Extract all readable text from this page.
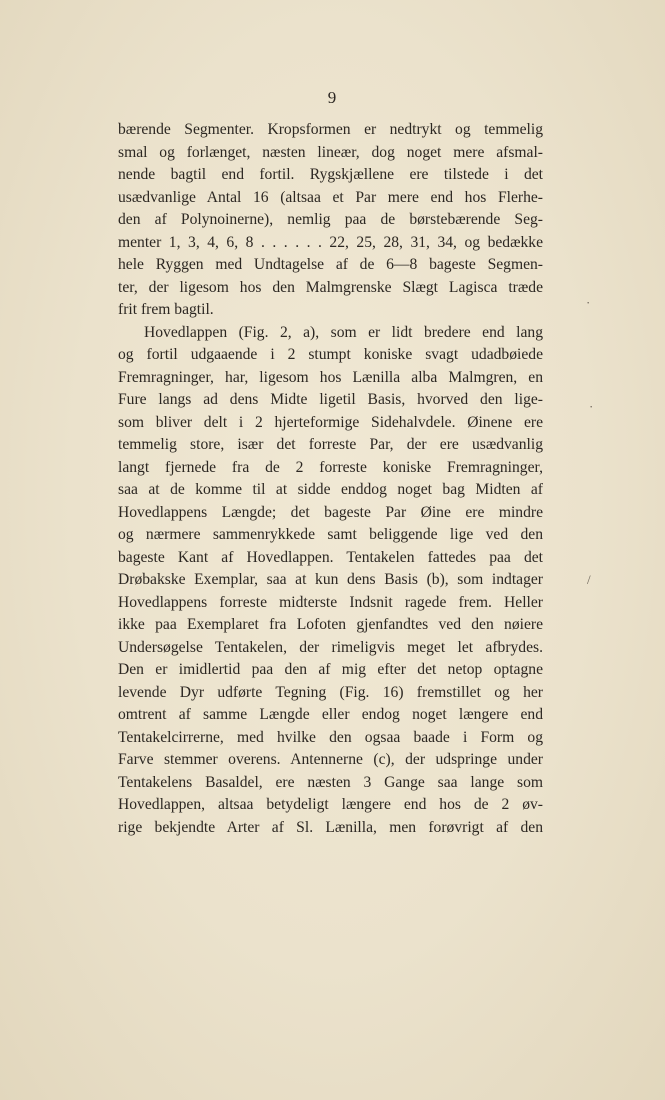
9
bærende Segmenter. Kropsformen er nedtrykt og temmelig
smal og forlænget, næsten lineær, dog noget mere afsmal-
nende bagtil end fortil. Rygskjællene ere tilstede i det
usædvanlige Antal 16 (altsaa et Par mere end hos Flerhe-
den af Polynoinerne), nemlig paa de børstebærende Seg-
menter 1, 3, 4, 6, 8 . . . . . . 22, 25, 28, 31, 34, og bedække
hele Ryggen med Undtagelse af de 6—8 bageste Segmen-
ter, der ligesom hos den Malmgrenske Slægt Lagisca træde
frit frem bagtil.
Hovedlappen (Fig. 2, a), som er lidt bredere end lang
og fortil udgaaende i 2 stumpt koniske svagt udadbøiede
Fremragninger, har, ligesom hos Lænilla alba Malmgren, en
Fure langs ad dens Midte ligetil Basis, hvorved den lige-
som bliver delt i 2 hjerteformige Sidehalvdele. Øinene ere
temmelig store, især det forreste Par, der ere usædvanlig
langt fjernede fra de 2 forreste koniske Fremragninger,
saa at de komme til at sidde enddog noget bag Midten af
Hovedlappens Længde; det bageste Par Øine ere mindre
og nærmere sammenrykkede samt beliggende lige ved den
bageste Kant af Hovedlappen. Tentakelen fattedes paa det
Drøbakske Exemplar, saa at kun dens Basis (b), som indtager
Hovedlappens forreste midterste Indsnit ragede frem. Heller
ikke paa Exemplaret fra Lofoten gjenfandtes ved den nøiere
Undersøgelse Tentakelen, der rimeligvis meget let afbrydes.
Den er imidlertid paa den af mig efter det netop optagne
levende Dyr udførte Tegning (Fig. 16) fremstillet og her
omtrent af samme Længde eller endog noget længere end
Tentakelcirrerne, med hvilke den ogsaa baade i Form og
Farve stemmer overens. Antennerne (c), der udspringe under
Tentakelens Basaldel, ere næsten 3 Gange saa lange som
Hovedlappen, altsaa betydeligt længere end hos de 2 øv-
rige bekjendte Arter af Sl. Lænilla, men forøvrigt af den
·
·
/
